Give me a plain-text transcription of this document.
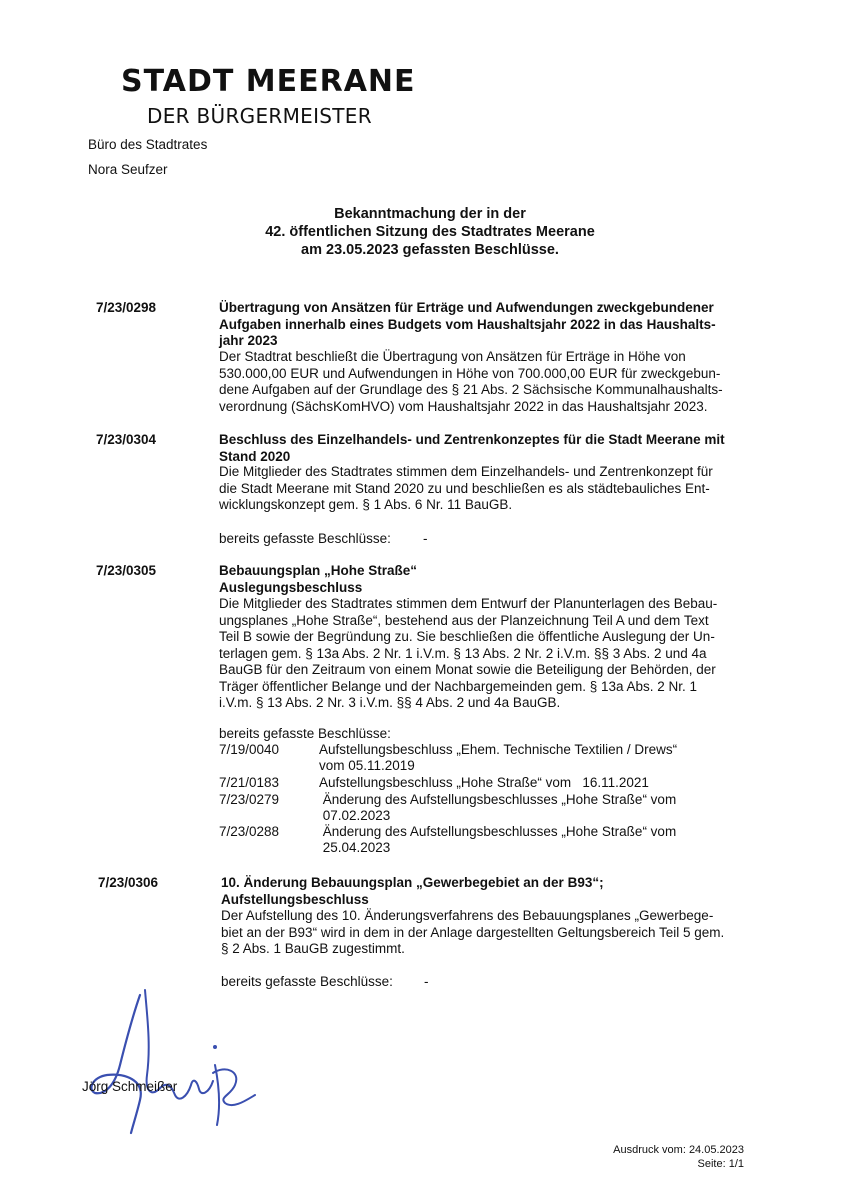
STADT MEERANE
DER BÜRGERMEISTER
Büro des Stadtrates
Nora Seufzer
Bekanntmachung der in der
42. öffentlichen Sitzung des Stadtrates Meerane
am 23.05.2023 gefassten Beschlüsse.
7/23/0298	Übertragung von Ansätzen für Erträge und Aufwendungen zweckgebundener
Aufgaben innerhalb eines Budgets vom Haushaltsjahr 2022 in das Haushalts-
jahr 2023
Der Stadtrat beschließt die Übertragung von Ansätzen für Erträge in Höhe von
530.000,00 EUR und Aufwendungen in Höhe von 700.000,00 EUR für zweckgebun-
dene Aufgaben auf der Grundlage des § 21 Abs. 2 Sächsische Kommunalhaushalts-
verordnung (SächsKomHVO) vom Haushaltsjahr 2022 in das Haushaltsjahr 2023.
7/23/0304	Beschluss des Einzelhandels- und Zentrenkonzeptes für die Stadt Meerane mit
Stand 2020
Die Mitglieder des Stadtrates stimmen dem Einzelhandels- und Zentrenkonzept für
die Stadt Meerane mit Stand 2020 zu und beschließen es als städtebauliches Ent-
wicklungskonzept gem. § 1 Abs. 6 Nr. 11 BauGB.
bereits gefasste Beschlüsse: -
7/23/0305	Bebauungsplan „Hohe Straße“
Auslegungsbeschluss
Die Mitglieder des Stadtrates stimmen dem Entwurf der Planunterlagen des Bebau-
ungsplanes „Hohe Straße“, bestehend aus der Planzeichnung Teil A und dem Text
Teil B sowie der Begründung zu. Sie beschließen die öffentliche Auslegung der Un-
terlagen gem. § 13a Abs. 2 Nr. 1 i.V.m. § 13 Abs. 2 Nr. 2 i.V.m. §§ 3 Abs. 2 und 4a
BauGB für den Zeitraum von einem Monat sowie die Beteiligung der Behörden, der
Träger öffentlicher Belange und der Nachbargemeinden gem. § 13a Abs. 2 Nr. 1
i.V.m. § 13 Abs. 2 Nr. 3 i.V.m. §§ 4 Abs. 2 und 4a BauGB.
bereits gefasste Beschlüsse:
7/19/0040	Aufstellungsbeschluss „Ehem. Technische Textilien / Drews“
vom 05.11.2019
7/21/0183	Aufstellungsbeschluss „Hohe Straße“ vom   16.11.2021
7/23/0279	Änderung des Aufstellungsbeschlusses „Hohe Straße“ vom
07.02.2023
7/23/0288	Änderung des Aufstellungsbeschlusses „Hohe Straße“ vom
25.04.2023
7/23/0306	10. Änderung Bebauungsplan „Gewerbegebiet an der B93“;
Aufstellungsbeschluss
Der Aufstellung des 10. Änderungsverfahrens des Bebauungsplanes „Gewerbege-
biet an der B93“ wird in dem in der Anlage dargestellten Geltungsbereich Teil 5 gem.
§ 2 Abs. 1 BauGB zugestimmt.
bereits gefasste Beschlüsse: -
Jörg Schmeißer
Ausdruck vom: 24.05.2023
Seite: 1/1
